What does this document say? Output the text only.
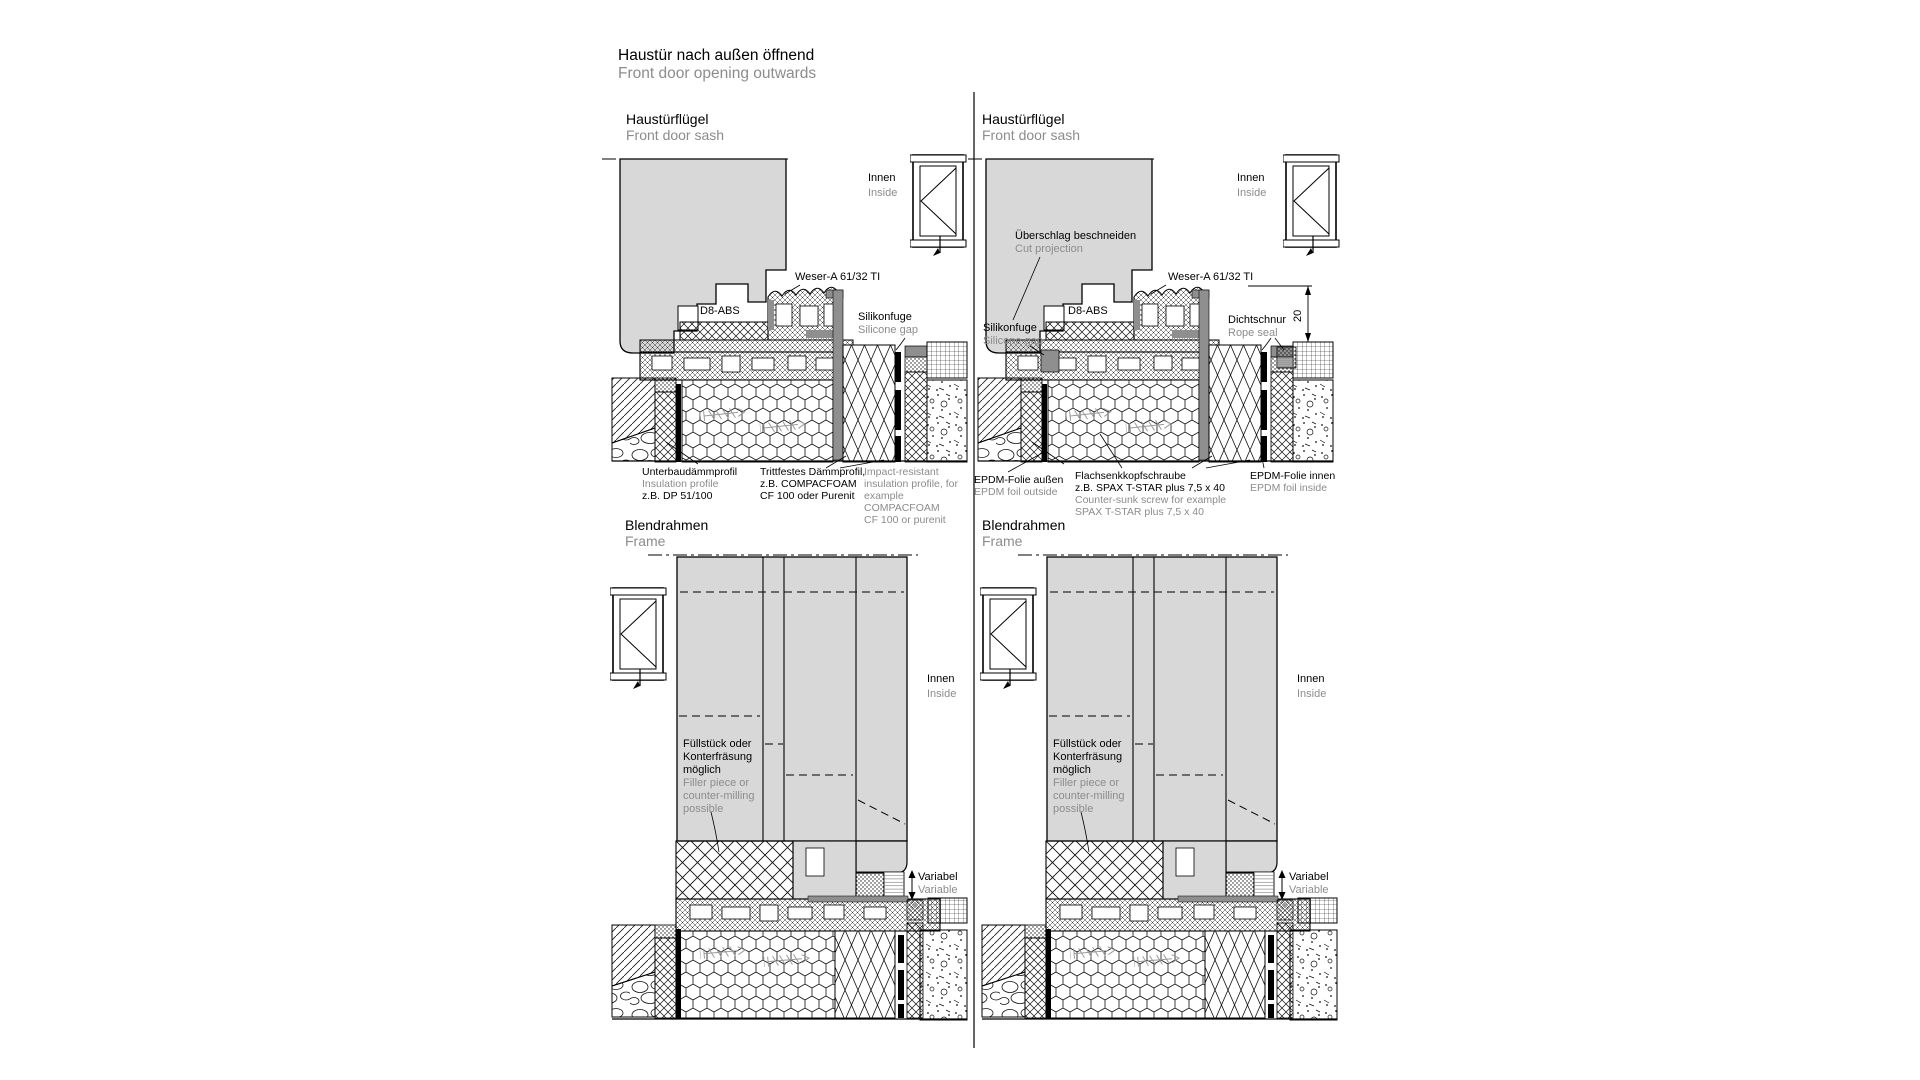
Haustür nach außen öffnend
Front door opening outwards
Haustürflügel
Front door sash
Innen
Inside
Weser-A 61/32 TI
D8-ABS	Silikonfuge
Silicone gap
Unterbaudämmprofil
Insulation profile
z.B. DP 51/100
Trittfestes Dämmprofil,
z.B. COMPACFOAM
CF 100 oder Purenit
Impact-resistant
insulation profile, for
example
COMPACFOAM
CF 100 or purenit
Haustürflügel
Front door sash
Innen
Inside
Überschlag beschneiden
Cut projection
Weser-A 61/32 TI
D8-ABS
Silikonfuge
Silicone gap
Dichtschnur
Rope seal
20
EPDM-Folie außen
EPDM foil outside
Flachsenkkopfschraube
z.B. SPAX T-STAR plus 7,5 x 40
Counter-sunk screw for example
SPAX T-STAR plus 7,5 x 40
EPDM-Folie innen
EPDM foil inside
Blendrahmen
Frame
Innen
Inside
Füllstück oder
Konterfräsung
möglich
Filler piece or
counter-milling
possible
Variabel
Variable
Blendrahmen
Frame
Innen
Inside
Füllstück oder
Konterfräsung
möglich
Filler piece or
counter-milling
possible
Variabel
Variable
